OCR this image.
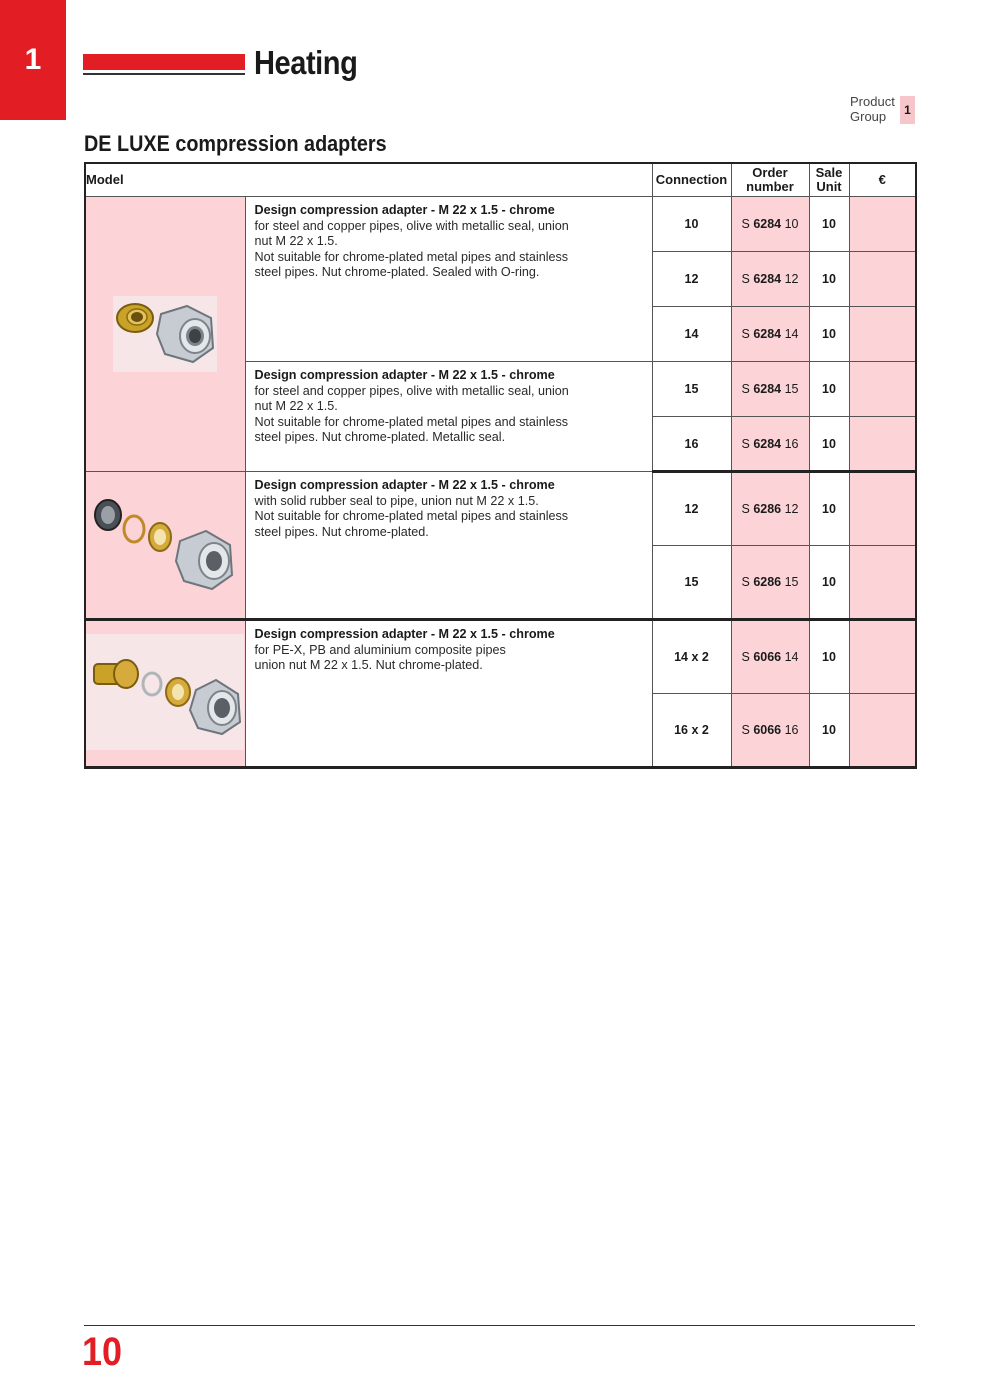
1	Heating
Product Group	1
DE LUXE compression adapters
Model		Connection	Order number	Sale Unit	€

Design compression adapter - M 22 x 1.5 - chrome
for steel and copper pipes, olive with metallic seal, union
nut M 22 x 1.5.
Not suitable for chrome-plated metal pipes and stainless
steel pipes. Nut chrome-plated. Sealed with O-ring.	10	S 6284 10	10	
		12	S 6284 12	10	
		14	S 6284 14	10	

	Design compression adapter - M 22 x 1.5 - chrome
for steel and copper pipes, olive with metallic seal, union
nut M 22 x 1.5.
Not suitable for chrome-plated metal pipes and stainless
steel pipes. Nut chrome-plated. Metallic seal.	15	S 6284 15	10	
		16	S 6284 16	10	

Design compression adapter - M 22 x 1.5 - chrome
with solid rubber seal to pipe, union nut M 22 x 1.5.
Not suitable for chrome-plated metal pipes and stainless
steel pipes. Nut chrome-plated.	12	S 6286 12	10	
		15	S 6286 15	10	

Design compression adapter - M 22 x 1.5 - chrome
for PE-X, PB and aluminium composite pipes
union nut M 22 x 1.5. Nut chrome-plated.	14 x 2	S 6066 14	10	
		16 x 2	S 6066 16	10	
10
